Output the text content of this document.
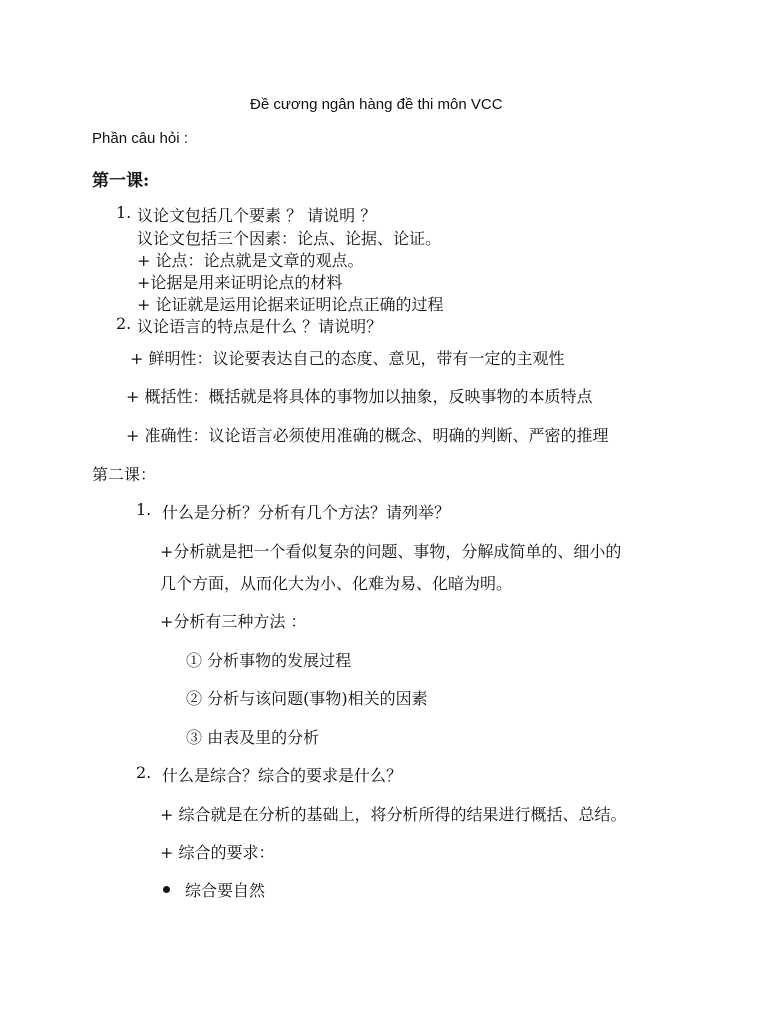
Đề cương ngân hàng đề thi môn VCC
Phần câu hỏi :
第一课:
1. 议论文包括几个要素 ？ 请说明 ？
议论文包括三个因素：论点、论据、论证。
+ 论点：论点就是文章的观点。
+论据是用来证明论点的材料
+ 论证就是运用论据来证明论点正确的过程
2. 议论语言的特点是什么 ？请说明？
+ 鲜明性：议论要表达自己的态度、意见，带有一定的主观性
+ 概括性：概括就是将具体的事物加以抽象，反映事物的本质特点
+ 准确性：议论语言必须使用准确的概念、明确的判断、严密的推理
第二课：
1. 什么是分析？分析有几个方法？请列举？
+分析就是把一个看似复杂的问题、事物，分解成简单的、细小的
几个方面，从而化大为小、化难为易、化暗为明。
+分析有三种方法 ：
① 分析事物的发展过程
② 分析与该问题(事物)相关的因素
③ 由表及里的分析
2. 什么是综合？综合的要求是什么？
+ 综合就是在分析的基础上，将分析所得的结果进行概括、总结。
+ 综合的要求：
综合要自然
